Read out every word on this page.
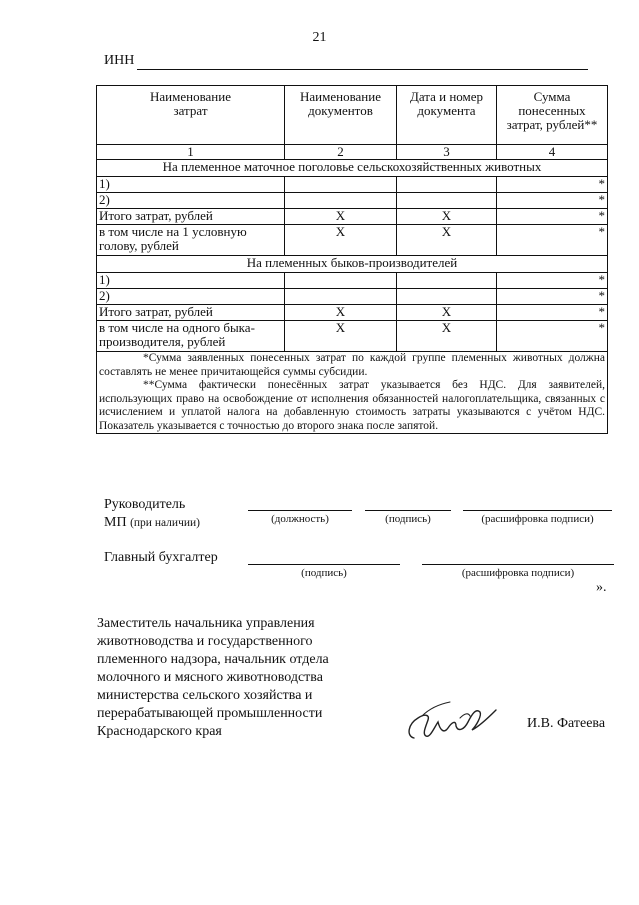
21
ИНН
Наименование затрат	Наименование документов	Дата и номер документа	Сумма понесенных затрат, рублей**
1	2	3	4
На племенное маточное поголовье сельскохозяйственных животных			
1)			*
2)			*
Итого затрат, рублей	X	X	*
в том числе на 1 условную голову, рублей	X	X	*
На племенных быков-производителей			
1)			*
2)			*
Итого затрат, рублей	X	X	*
в том числе на одного быка-производителя, рублей	X	X	*

*Сумма заявленных понесенных затрат по каждой группе племенных животных должна составлять не менее причитающейся суммы субсидии.
**Сумма фактически понесённых затрат указывается без НДС. Для заявителей, использующих право на освобождение от исполнения обязанностей налогоплательщика, связанных с исчислением и уплатой налога на добавленную стоимость затраты указываются с учётом НДС. Показатель указывается с точностью до второго знака после запятой.			
Руководитель
МП (при наличии)	(должность)	(подпись)	(расшифровка подписи)
Главный бухгалтер
(подпись)	(расшифровка подписи)
».
Заместитель начальника управления
животноводства и государственного
племенного надзора, начальник отдела
молочного и мясного животноводства
министерства сельского хозяйства и
перерабатывающей промышленности
Краснодарского края
И.В. Фатеева
